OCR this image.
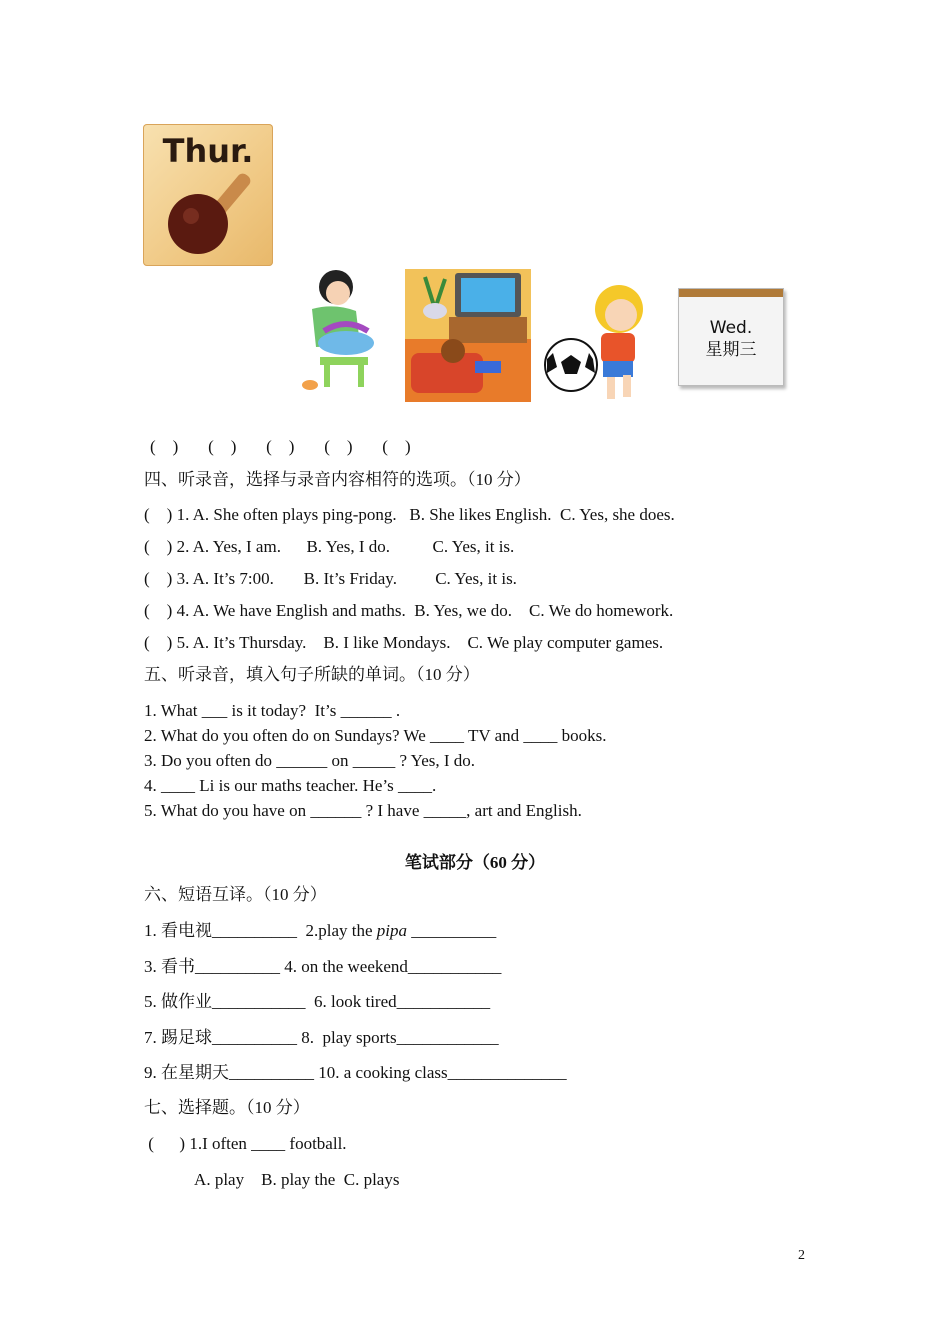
Thur.
Wed.
星期三
(    )       (    )       (    )       (    )       (    )
四、听录音，选择与录音内容相符的选项。（10 分）
(    ) 1. A. She often plays ping-pong.   B. She likes English.  C. Yes, she does.
(    ) 2. A. Yes, I am.      B. Yes, I do.          C. Yes, it is.
(    ) 3. A. It’s 7:00.       B. It’s Friday.         C. Yes, it is.
(    ) 4. A. We have English and maths.  B. Yes, we do.    C. We do homework.
(    ) 5. A. It’s Thursday.    B. I like Mondays.    C. We play computer games.
五、听录音，填入句子所缺的单词。（10 分）
1. What ___ is it today?  It’s ______ .
2. What do you often do on Sundays? We ____ TV and ____ books.
3. Do you often do ______ on _____ ? Yes, I do.
4. ____ Li is our maths teacher. He’s ____.
5. What do you have on ______ ? I have _____, art and English.
笔试部分（60 分）
六、短语互译。（10 分）
1. 看电视__________  2.play the pipa __________
3. 看书__________ 4. on the weekend___________
5. 做作业___________  6. look tired___________
7. 踢足球__________ 8.  play sports____________
9. 在星期天__________ 10. a cooking class______________
七、选择题。（10 分）
(      ) 1.I often ____ football.
A. play    B. play the  C. plays
2
